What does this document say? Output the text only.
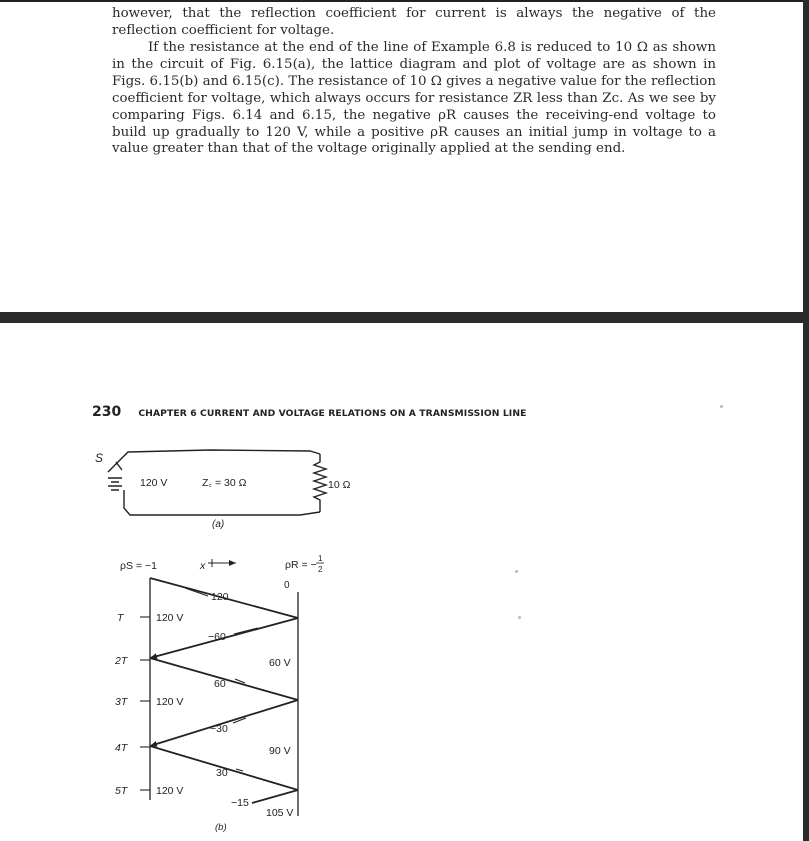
however, that the reflection coefficient for current is always the negative of the reflection coefficient for voltage.

If the resistance at the end of the line of Example 6.8 is reduced to 10 Ω as shown in the circuit of Fig. 6.15(a), the lattice diagram and plot of voltage are as shown in Figs. 6.15(b) and 6.15(c). The resistance of 10 Ω gives a negative value for the reflection coefficient for voltage, which always occurs for resistance ZR less than Zc. As we see by comparing Figs. 6.14 and 6.15, the negative ρR causes the receiving-end voltage to build up gradually to 120 V, while a positive ρR causes an initial jump in voltage to a value greater than that of the voltage originally applied at the sending end.

230 CHAPTER 6 CURRENT AND VOLTAGE RELATIONS ON A TRANSMISSION LINE
S
120 V	Z꜀ = 30 Ω	10 Ω
(a)
ρS = −1	x	ρR = −
1
2
0
120
−60
60
−30
30
−15
T
2T
3T
4T
5T
120 V
120 V
120 V
60 V
90 V
105 V
(b)
